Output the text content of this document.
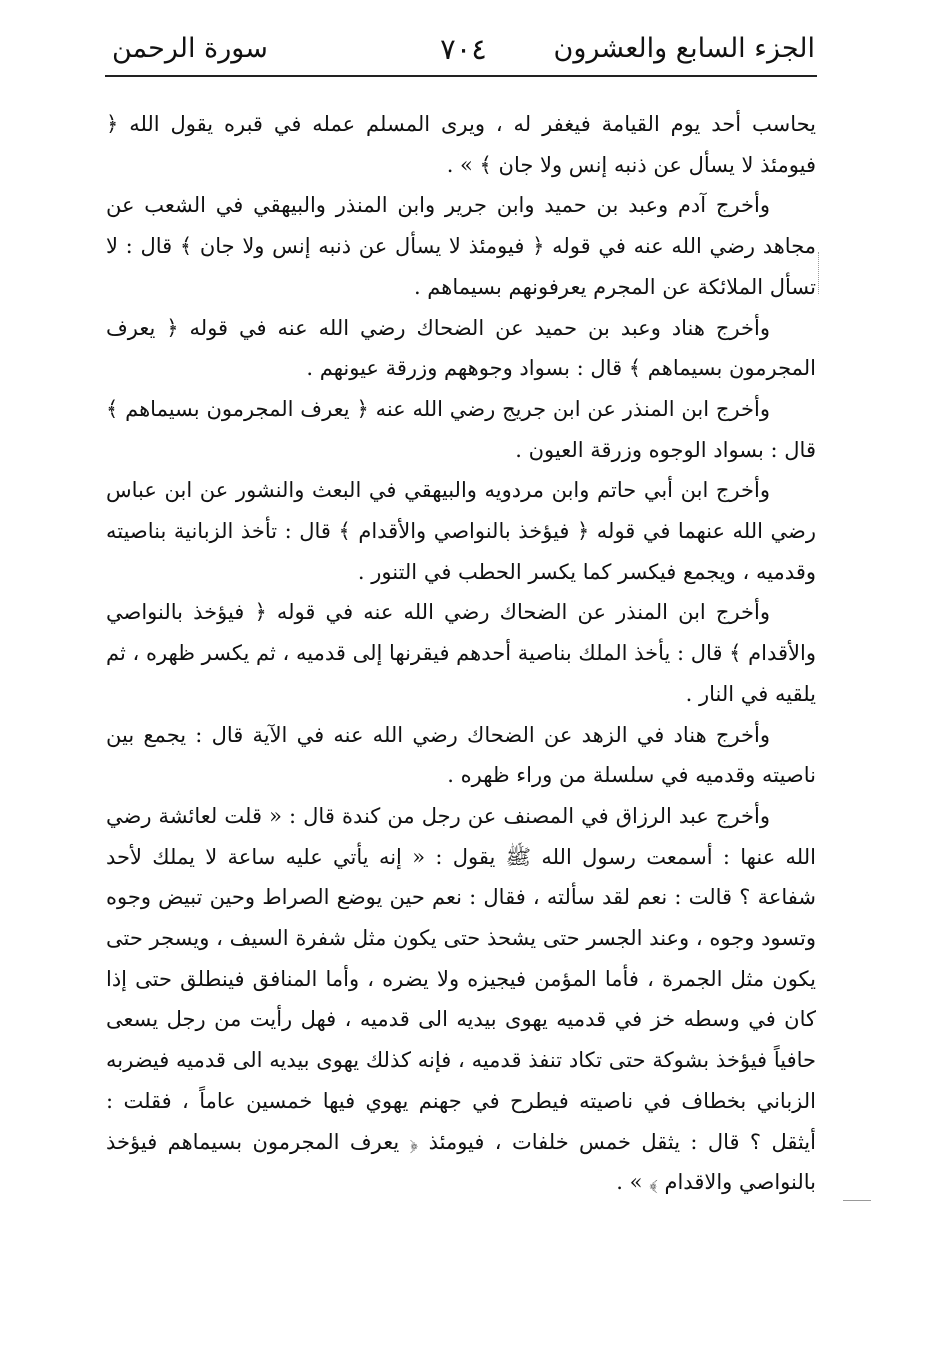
الجزء السابع والعشرون
٧٠٤
سورة الرحمن

يحاسب أحد يوم القيامة فيغفر له ، ويرى المسلم عمله في قبره يقول الله ﴿ فيومئذ لا يسأل عن ذنبه إنس ولا جان ﴾ » .

وأخرج آدم وعبد بن حميد وابن جرير وابن المنذر والبيهقي في الشعب عن مجاهد رضي الله عنه في قوله ﴿ فيومئذ لا يسأل عن ذنبه إنس ولا جان ﴾ قال : لا تسأل الملائكة عن المجرم يعرفونهم بسيماهم .

وأخرج هناد وعبد بن حميد عن الضحاك رضي الله عنه في قوله ﴿ يعرف المجرمون بسيماهم ﴾ قال : بسواد وجوههم وزرقة عيونهم .

وأخرج ابن المنذر عن ابن جريج رضي الله عنه ﴿ يعرف المجرمون بسيماهم ﴾ قال : بسواد الوجوه وزرقة العيون .

وأخرج ابن أبي حاتم وابن مردويه والبيهقي في البعث والنشور عن ابن عباس رضي الله عنهما في قوله ﴿ فيؤخذ بالنواصي والأقدام ﴾ قال : تأخذ الزبانية بناصيته وقدميه ، ويجمع فيكسر كما يكسر الحطب في التنور .

وأخرج ابن المنذر عن الضحاك رضي الله عنه في قوله ﴿ فيؤخذ بالنواصي والأقدام ﴾ قال : يأخذ الملك بناصية أحدهم فيقرنها إلى قدميه ، ثم يكسر ظهره ، ثم يلقيه في النار .

وأخرج هناد في الزهد عن الضحاك رضي الله عنه في الآية قال : يجمع بين ناصيته وقدميه في سلسلة من وراء ظهره .

وأخرج عبد الرزاق في المصنف عن رجل من كندة قال : « قلت لعائشة رضي الله عنها : أسمعت رسول الله ﷺ يقول : « إنه يأتي عليه ساعة لا يملك لأحد شفاعة ؟ قالت : نعم لقد سألته ، فقال : نعم حين يوضع الصراط وحين تبيض وجوه وتسود وجوه ، وعند الجسر حتى يشحذ حتى يكون مثل شفرة السيف ، ويسجر حتى يكون مثل الجمرة ، فأما المؤمن فيجيزه ولا يضره ، وأما المنافق فينطلق حتى إذا كان في وسطه خز في قدميه يهوى بيديه الى قدميه ، فهل رأيت من رجل يسعى حافياً فيؤخذ بشوكة حتى تكاد تنفذ قدميه ، فإنه كذلك يهوى بيديه الى قدميه فيضربه الزباني بخطاف في ناصيته فيطرح في جهنم يهوي فيها خمسين عاماً ، فقلت : أيثقل ؟ قال : يثقل خمس خلفات ، فيومئذ ﴿ يعرف المجرمون بسيماهم فيؤخذ بالنواصي والاقدام ﴾ » .
